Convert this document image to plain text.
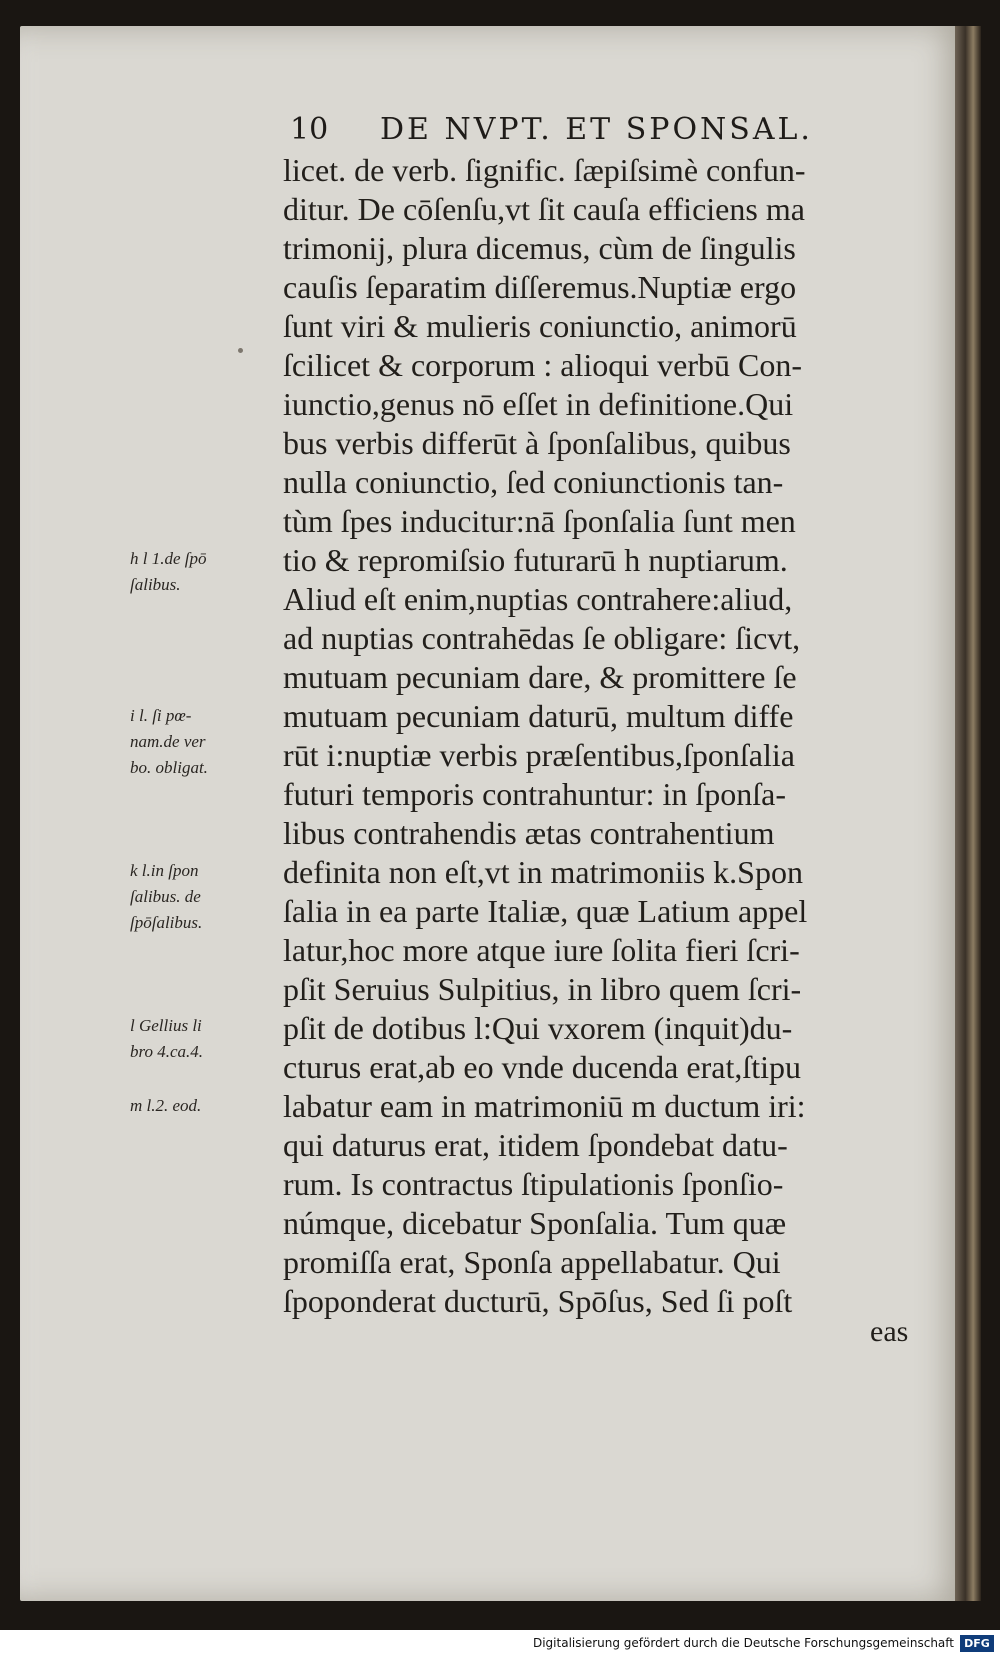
10 DE NVPT. ET SPONSAL.
licet. de verb. ſignific. ſæpiſsimè confun-
ditur. De cōſenſu,vt ſit cauſa efficiens ma
trimonij, plura dicemus, cùm de ſingulis
cauſis ſeparatim diſſeremus.Nuptiæ ergo
ſunt viri & mulieris coniunctio, animorū
ſcilicet & corporum : alioqui verbū Con-
iunctio,genus nō eſſet in definitione.Qui
bus verbis differūt à ſponſalibus, quibus
nulla coniunctio, ſed coniunctionis tan-
tùm ſpes inducitur:nā ſponſalia ſunt men
tio & repromiſsio futurarū h nuptiarum.
Aliud eſt enim,nuptias contrahere:aliud,
ad nuptias contrahēdas ſe obligare: ſicvt,
mutuam pecuniam dare, & promittere ſe
mutuam pecuniam daturū, multum diffe
rūt i:nuptiæ verbis præſentibus,ſponſalia
futuri temporis contrahuntur: in ſponſa-
libus contrahendis ætas contrahentium
definita non eſt,vt in matrimoniis k.Spon
ſalia in ea parte Italiæ, quæ Latium appel
latur,hoc more atque iure ſolita fieri ſcri-
pſit Seruius Sulpitius, in libro quem ſcri-
pſit de dotibus l:Qui vxorem (inquit)du-
cturus erat,ab eo vnde ducenda erat,ſtipu
labatur eam in matrimoniū m ductum iri:
qui daturus erat, itidem ſpondebat datu-
rum. Is contractus ſtipulationis ſponſio-
númque, dicebatur Sponſalia. Tum quæ
promiſſa erat, Sponſa appellabatur. Qui
ſpoponderat ducturū, Spōſus, Sed ſi poſt
h l 1.de ſpō
ſalibus.
i l. ſi pœ-
nam.de ver
bo. obligat.
k l.in ſpon
ſalibus. de
ſpōſalibus.
l Gellius li
bro 4.ca.4.
m l.2. eod.
eas
Digitalisierung gefördert durch die Deutsche Forschungsgemeinschaft DFG
